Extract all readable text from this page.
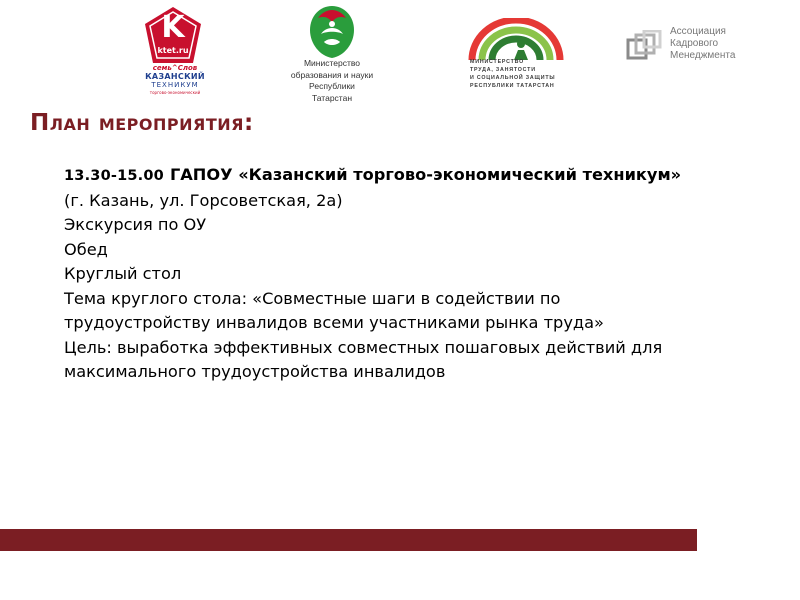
K
ktet.ru
семь^Слов
КАЗАНСКИЙ
ТЕХНИКУМ
торгово-экономический
Министерство
образования и науки
Республики
Татарстан
МИНИСТЕРСТВО
ТРУДА, ЗАНЯТОСТИ
И СОЦИАЛЬНОЙ ЗАЩИТЫ
РЕСПУБЛИКИ ТАТАРСТАН
Ассоциация
Кадрового
Менеджмента
План мероприятия:
13.30-15.00 ГАПОУ «Казанский торгово-экономический техникум»
(г. Казань, ул. Горсоветская, 2а)
Экскурсия по ОУ
Обед
Круглый стол
Тема круглого стола: «Совместные шаги в содействии по
трудоустройству инвалидов всеми участниками рынка труда»
Цель: выработка эффективных совместных пошаговых действий для
максимального трудоустройства инвалидов
